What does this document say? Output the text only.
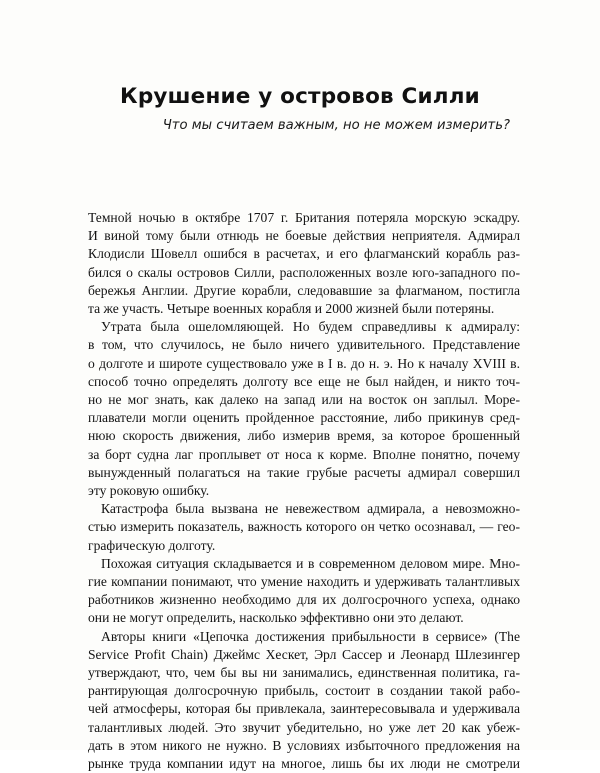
Крушение у островов Силли

Что мы считаем важным, но не можем измерить?

Темной ночью в октябре 1707 г. Британия потеряла морскую эскадру.
И виной тому были отнюдь не боевые действия неприятеля. Адмирал
Клодисли Шовелл ошибся в расчетах, и его флагманский корабль раз-
бился о скалы островов Силли, расположенных возле юго-западного по-
бережья Англии. Другие корабли, следовавшие за флагманом, постигла
та же участь. Четыре военных корабля и 2000 жизней были потеряны.
Утрата была ошеломляющей. Но будем справедливы к адмиралу:
в том, что случилось, не было ничего удивительного. Представление
о долготе и широте существовало уже в I в. до н. э. Но к началу XVIII в.
способ точно определять долготу все еще не был найден, и никто точ-
но не мог знать, как далеко на запад или на восток он заплыл. Море-
плаватели могли оценить пройденное расстояние, либо прикинув сред-
нюю скорость движения, либо измерив время, за которое брошенный
за борт судна лаг проплывет от носа к корме. Вполне понятно, почему
вынужденный полагаться на такие грубые расчеты адмирал совершил
эту роковую ошибку.
Катастрофа была вызвана не невежеством адмирала, а невозможно-
стью измерить показатель, важность которого он четко осознавал, — гео-
графическую долготу.
Похожая ситуация складывается и в современном деловом мире. Мно-
гие компании понимают, что умение находить и удерживать талантливых
работников жизненно необходимо для их долгосрочного успеха, однако
они не могут определить, насколько эффективно они это делают.
Авторы книги «Цепочка достижения прибыльности в сервисе» (The
Service Profit Chain) Джеймс Хескет, Эрл Сассер и Леонард Шлезингер
утверждают, что, чем бы вы ни занимались, единственная политика, га-
рантирующая долгосрочную прибыль, состоит в создании такой рабо-
чей атмосферы, которая бы привлекала, заинтересовывала и удерживала
талантливых людей. Это звучит убедительно, но уже лет 20 как убеж-
дать в этом никого не нужно. В условиях избыточного предложения на
рынке труда компании идут на многое, лишь бы их люди не смотрели
